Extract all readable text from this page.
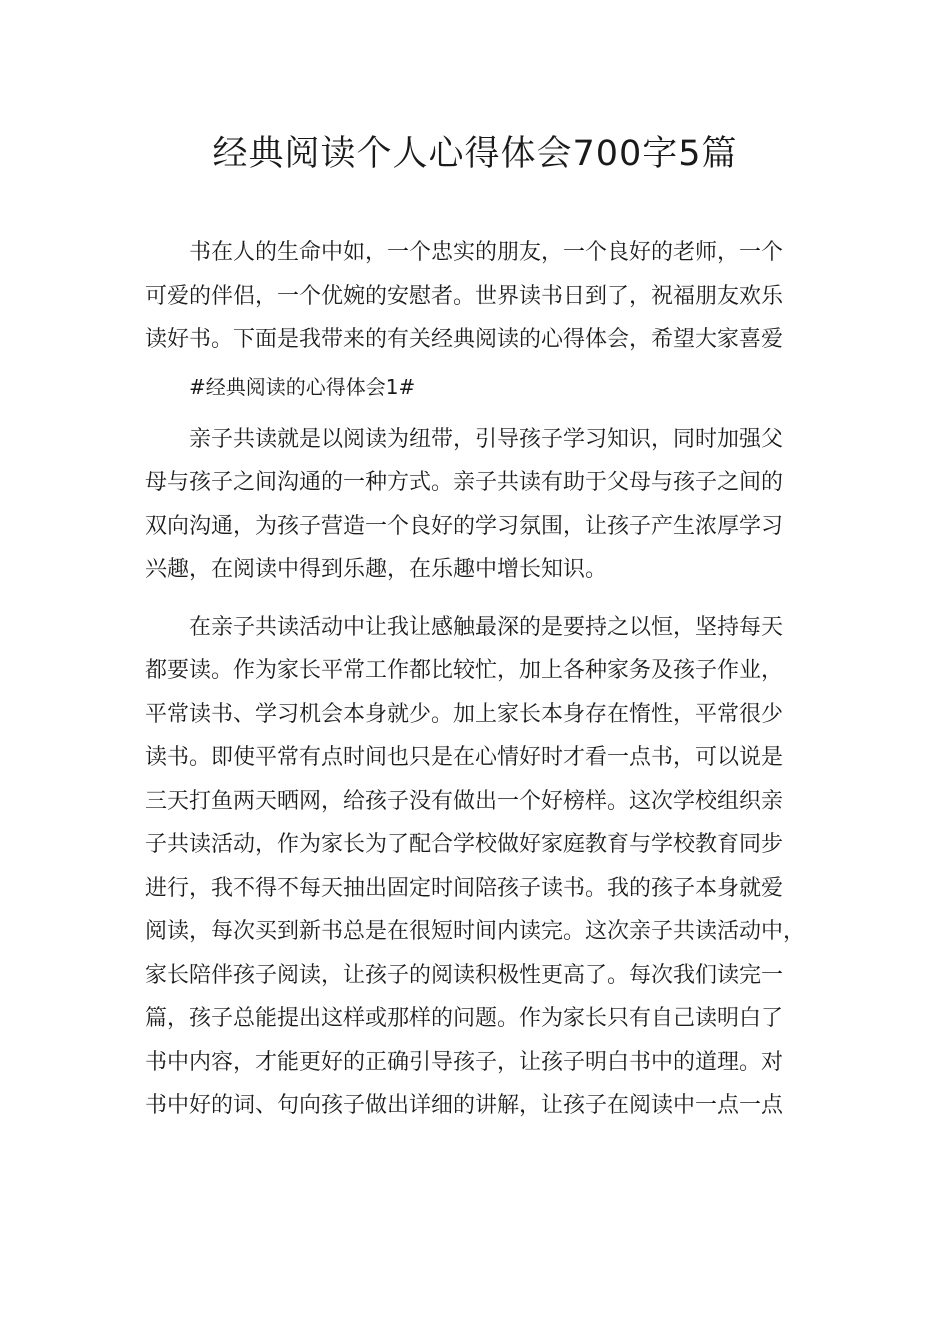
经典阅读个人心得体会700字5篇
书在人的生命中如，一个忠实的朋友，一个良好的老师，一个
可爱的伴侣，一个优婉的安慰者。世界读书日到了，祝福朋友欢乐
读好书。下面是我带来的有关经典阅读的心得体会，希望大家喜爱
#经典阅读的心得体会1#
亲子共读就是以阅读为纽带，引导孩子学习知识，同时加强父
母与孩子之间沟通的一种方式。亲子共读有助于父母与孩子之间的
双向沟通，为孩子营造一个良好的学习氛围，让孩子产生浓厚学习
兴趣，在阅读中得到乐趣，在乐趣中增长知识。
在亲子共读活动中让我让感触最深的是要持之以恒，坚持每天
都要读。作为家长平常工作都比较忙，加上各种家务及孩子作业，
平常读书、学习机会本身就少。加上家长本身存在惰性，平常很少
读书。即使平常有点时间也只是在心情好时才看一点书，可以说是
三天打鱼两天晒网，给孩子没有做出一个好榜样。这次学校组织亲
子共读活动，作为家长为了配合学校做好家庭教育与学校教育同步
进行，我不得不每天抽出固定时间陪孩子读书。我的孩子本身就爱
阅读，每次买到新书总是在很短时间内读完。这次亲子共读活动中，
家长陪伴孩子阅读，让孩子的阅读积极性更高了。每次我们读完一
篇，孩子总能提出这样或那样的问题。作为家长只有自己读明白了
书中内容，才能更好的正确引导孩子，让孩子明白书中的道理。对
书中好的词、句向孩子做出详细的讲解，让孩子在阅读中一点一点
